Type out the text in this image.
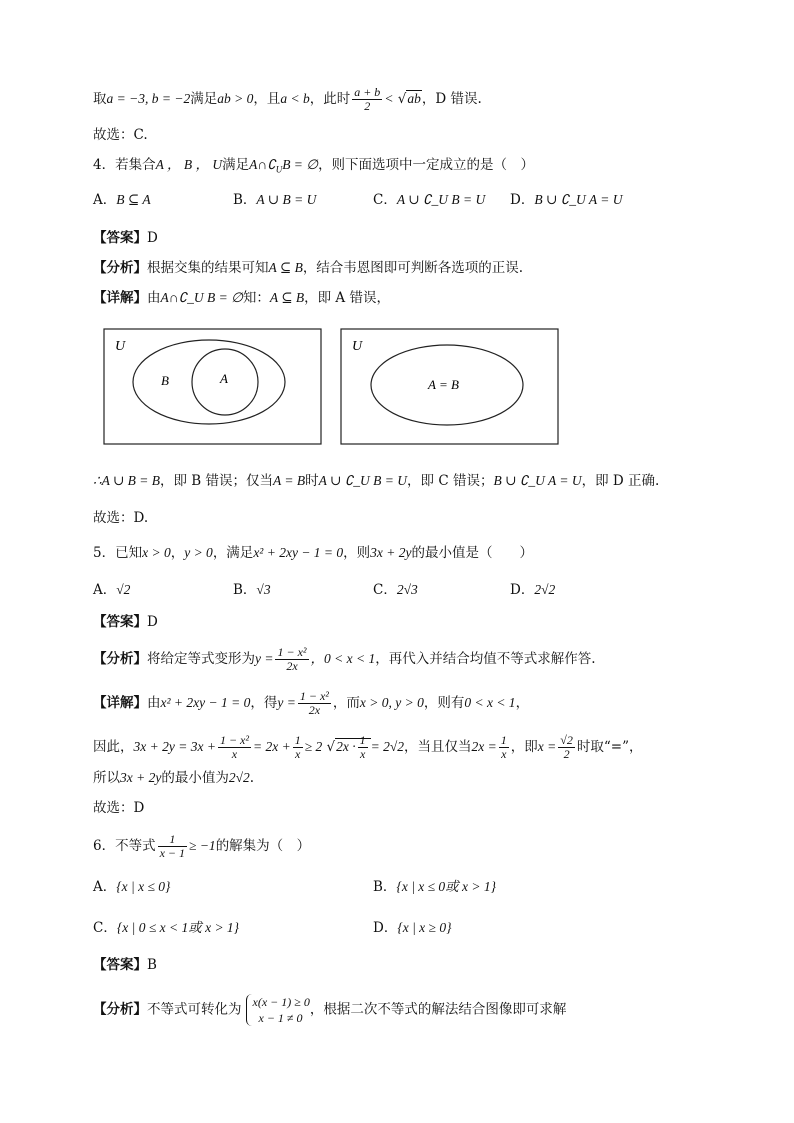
取a = −3, b = −2满足ab > 0，且a < b，此时 $\frac{a + b}{2} < √ab$，D 错误.
故选：C.
4．若集合A ， B ， U满足$A\cap∁_UB$ = ∅，则下面选项中一定成立的是（　）
A．B ⊆ A	B．A ∪ B = U	C．A ∪ ∁_U B = U D．B ∪ ∁_U A = U
【答案】D
【分析】根据交集的结果可知A ⊆ B，结合韦恩图即可判断各选项的正误.
【详解】由A∩∁_U B = ∅知：A ⊆ B，即 A 错误，
U
B	A
U
A = B
∴A ∪ B = B，即 B 错误；仅当A = B时A ∪ ∁_U B = U，即 C 错误；B ∪ ∁_U A = U，即 D 正确.
故选：D.
5．已知x > 0，y > 0，满足x² + 2xy − 1 = 0，则3x + 2y的最小值是（　　）
A．√2	B．√3	C．2√3	D．2√2
【答案】D
【分析】将给定等式变形为$y = \frac{\text{1 − x²}}{2x}$ ，0 < x < 1，再代入并结合均值不等式求解作答.
【详解】由x² + 2xy − 1 = 0，得$y = \frac{\text{1 − x²}}{2x}$ ，而x > 0, y > 0，则有0 < x < 1，
因此，$3x + 2y = 3x + \frac{\text{1 − x²}}{x} = 2x + \frac{1}{x} \ge 2$ $√2x \cdot \frac{1}{x} = 2√2$，当且仅当$2x = \frac{1}{x}$ ，即$x = \frac{√2}{2}$ 时取“=”，
所以3x + 2y的最小值为2√2.
故选：D
6．不等式 $\frac{1}{x - 1} \ge -1$的解集为（　）
A．{x | x ≤ 0}	B．{x | x ≤ 0或 x > 1}
C．{x | 0 ≤ x < 1或 x > 1}	D．{x | x ≥ 0}
【答案】B
【分析】不等式可转化为 x(x − 1) ≥ 0
x − 1 ≠ 0
，根据二次不等式的解法结合图像即可求解
